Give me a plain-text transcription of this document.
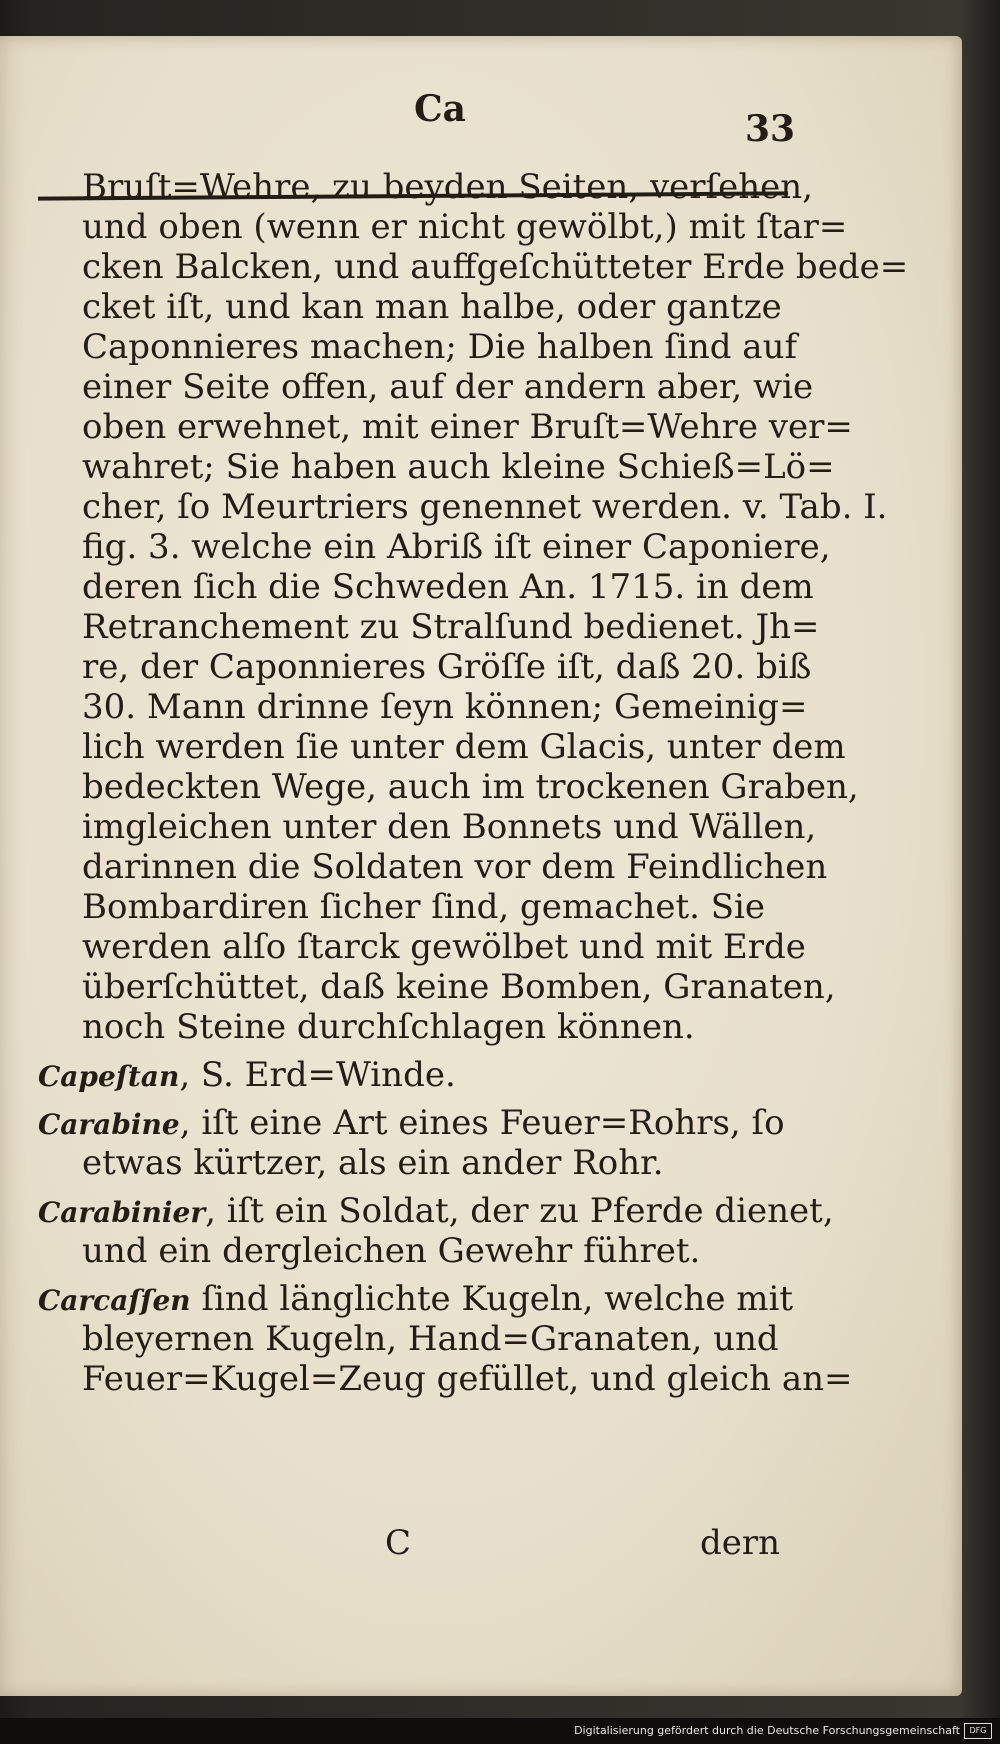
Ca	33
Bruſt=Wehre, zu beyden Seiten, verſehen,
und oben (wenn er nicht gewölbt,) mit ſtar=
cken Balcken, und auffgeſchütteter Erde bede=
cket iſt, und kan man halbe, oder gantze
Caponnieres machen; Die halben ſind auf
einer Seite offen, auf der andern aber, wie
oben erwehnet, mit einer Bruſt=Wehre ver=
wahret; Sie haben auch kleine Schieß=Lö=
cher, ſo Meurtriers genennet werden. v. Tab. I.
fig. 3. welche ein Abriß iſt einer Caponiere,
deren ſich die Schweden An. 1715. in dem
Retranchement zu Stralſund bedienet. Jh=
re, der Caponnieres Gröſſe iſt, daß 20. biß
30. Mann drinne ſeyn können; Gemeinig=
lich werden ſie unter dem Glacis, unter dem
bedeckten Wege, auch im trockenen Graben,
imgleichen unter den Bonnets und Wällen,
darinnen die Soldaten vor dem Feindlichen
Bombardiren ſicher ſind, gemachet. Sie
werden alſo ſtarck gewölbet und mit Erde
überſchüttet, daß keine Bomben, Granaten,
noch Steine durchſchlagen können.
Capeſtan, S. Erd=Winde.
Carabine, iſt eine Art eines Feuer=Rohrs, ſo
etwas kürtzer, als ein ander Rohr.
Carabinier, iſt ein Soldat, der zu Pferde dienet,
und ein dergleichen Gewehr führet.
Carcaſſen ſind länglichte Kugeln, welche mit
bleyernen Kugeln, Hand=Granaten, und
Feuer=Kugel=Zeug gefüllet, und gleich an=
C	dern
Digitalisierung gefördert durch die Deutsche Forschungsgemeinschaft	DFG
